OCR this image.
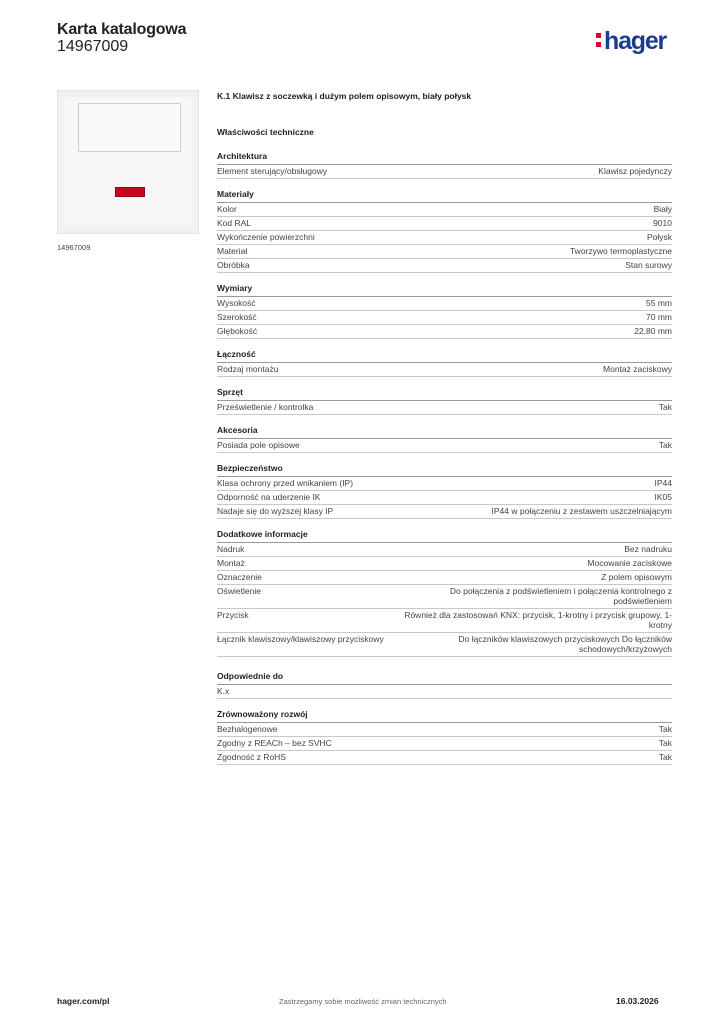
Karta katalogowa
14967009	hager
14967009
K.1 Klawisz z soczewką i dużym polem opisowym, biały połysk
Właściwości techniczne
Architektura
Element sterujący/obsługowy	Klawisz pojedynczy
Materiały
Kolor	Biały
Kod RAL	9010
Wykończenie powierzchni	Połysk
Materiał	Tworzywo termoplastyczne
Obróbka	Stan surowy
Wymiary
Wysokość	55 mm
Szerokość	70 mm
Głębokość	22,80 mm
Łączność
Rodzaj montażu	Montaż zaciskowy
Sprzęt
Prześwietlenie / kontrolka	Tak
Akcesoria
Posiada pole opisowe	Tak
Bezpieczeństwo
Klasa ochrony przed wnikaniem (IP)	IP44
Odporność na uderzenie IK	IK05
Nadaje się do wyższej klasy IP	IP44 w połączeniu z zestawem uszczelniającym
Dodatkowe informacje
Nadruk	Bez nadruku
Montaż	Mocowanie zaciskowe
Oznaczenie	Z polem opisowym
Oświetlenie	Do połączenia z podświetleniem i połączenia kontrolnego z podświetleniem
Przycisk	Również dla zastosowań KNX: przycisk, 1-krotny i przycisk grupowy, 1-krotny
Łącznik klawiszowy/klawiszowy przyciskowy	Do łączników klawiszowych przyciskowych Do łączników schodowych/krzyżowych
Odpowiednie do
K.x
Zrównoważony rozwój
Bezhalogenowe	Tak
Zgodny z REACh – bez SVHC	Tak
Zgodność z RoHS	Tak
hager.com/pl	Zastrzegamy sobie możliwość zmian technicznych	16.03.2026
